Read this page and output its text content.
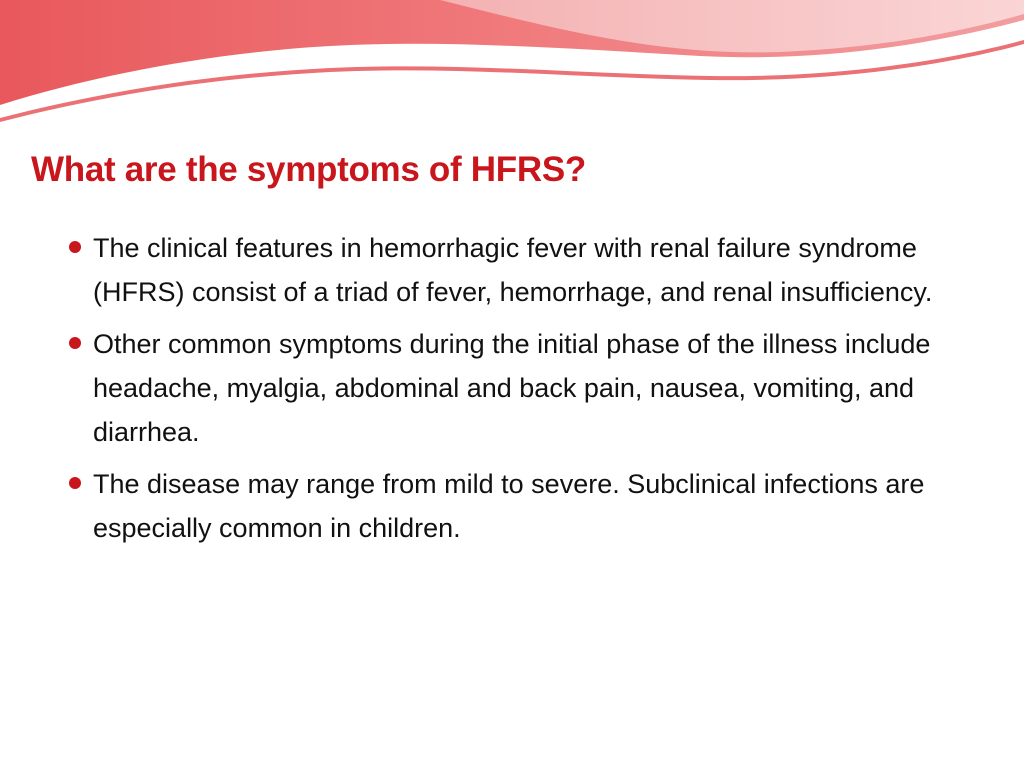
What are the symptoms of HFRS?
The clinical features in hemorrhagic fever with renal failure syndrome (HFRS) consist of a triad of fever, hemorrhage, and renal insufficiency.
Other common symptoms during the initial phase of the illness include headache, myalgia, abdominal and back pain, nausea, vomiting, and diarrhea.
The disease may range from mild to severe. Subclinical infections are especially common in children.
